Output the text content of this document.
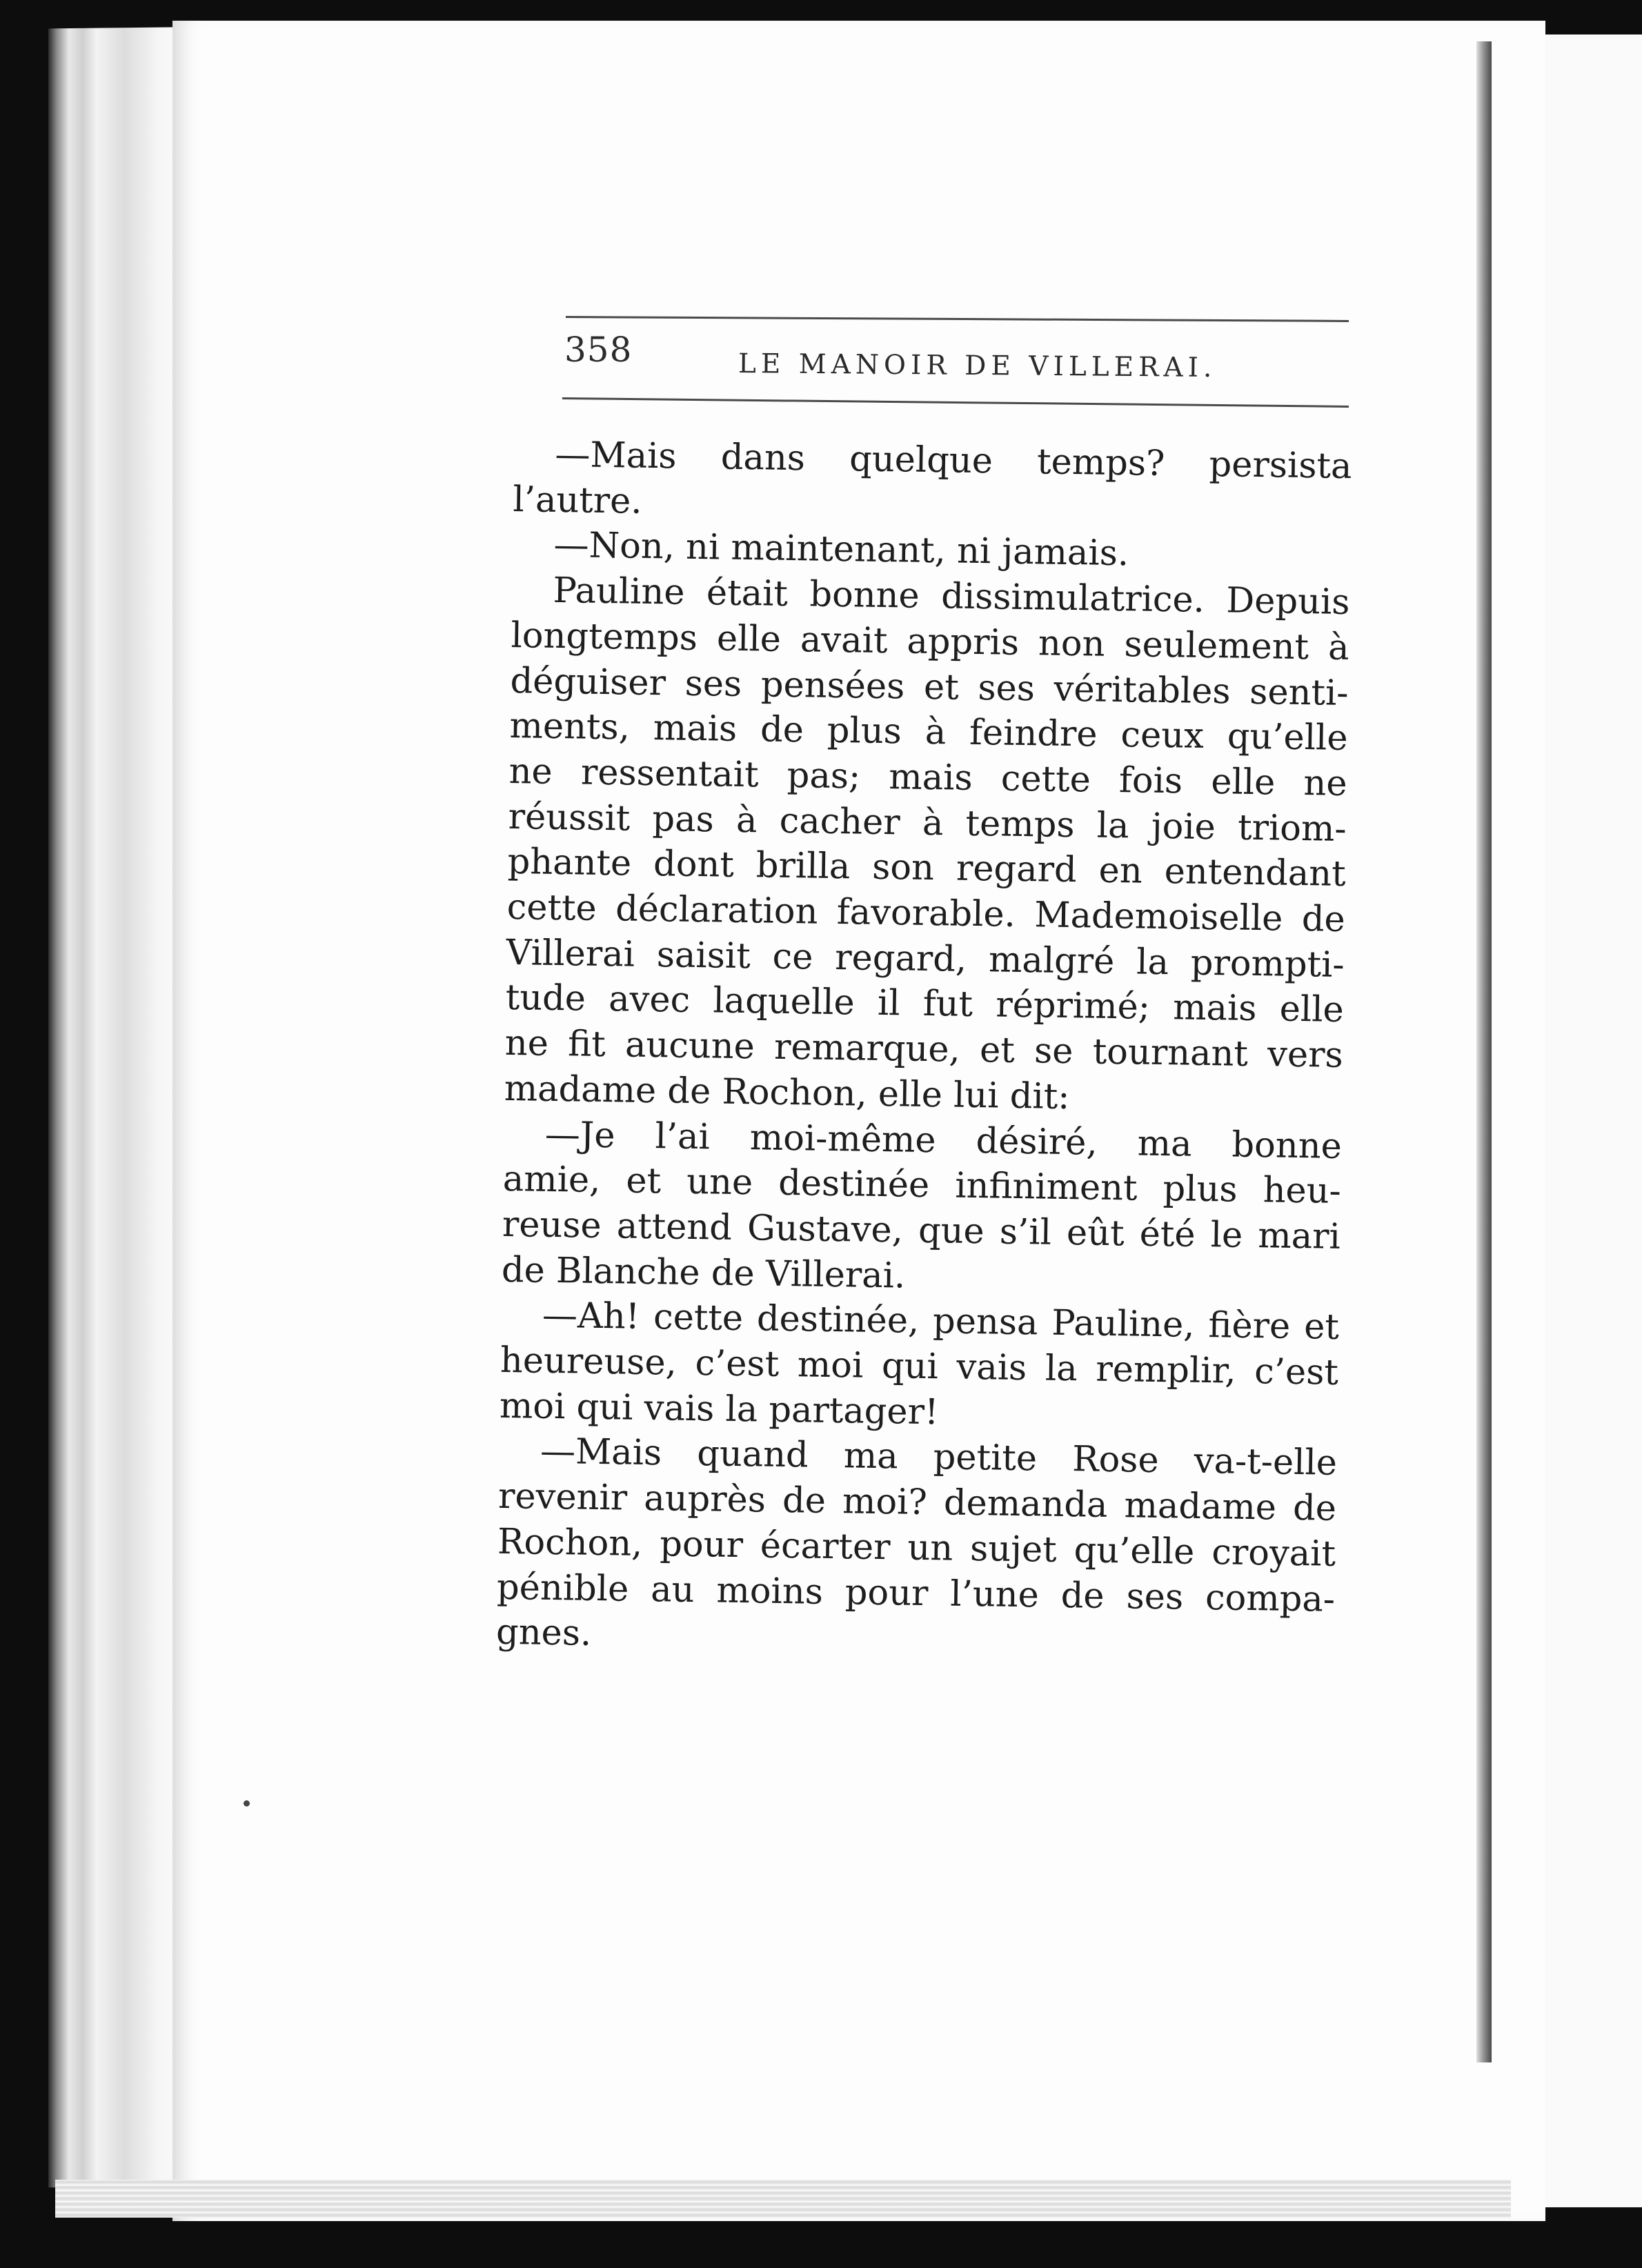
358	LE MANOIR DE VILLERAI.
—Mais dans quelque temps? persista
l’autre.
—Non, ni maintenant, ni jamais.
Pauline était bonne dissimulatrice. Depuis
longtemps elle avait appris non seulement à
déguiser ses pensées et ses véritables senti-
ments, mais de plus à feindre ceux qu’elle
ne ressentait pas; mais cette fois elle ne
réussit pas à cacher à temps la joie triom-
phante dont brilla son regard en entendant
cette déclaration favorable. Mademoiselle de
Villerai saisit ce regard, malgré la prompti-
tude avec laquelle il fut réprimé; mais elle
ne fit aucune remarque, et se tournant vers
madame de Rochon, elle lui dit:
—Je l’ai moi-même désiré, ma bonne
amie, et une destinée infiniment plus heu-
reuse attend Gustave, que s’il eût été le mari
de Blanche de Villerai.
—Ah! cette destinée, pensa Pauline, fière et
heureuse, c’est moi qui vais la remplir, c’est
moi qui vais la partager!
—Mais quand ma petite Rose va-t-elle
revenir auprès de moi? demanda madame de
Rochon, pour écarter un sujet qu’elle croyait
pénible au moins pour l’une de ses compa-
gnes.
